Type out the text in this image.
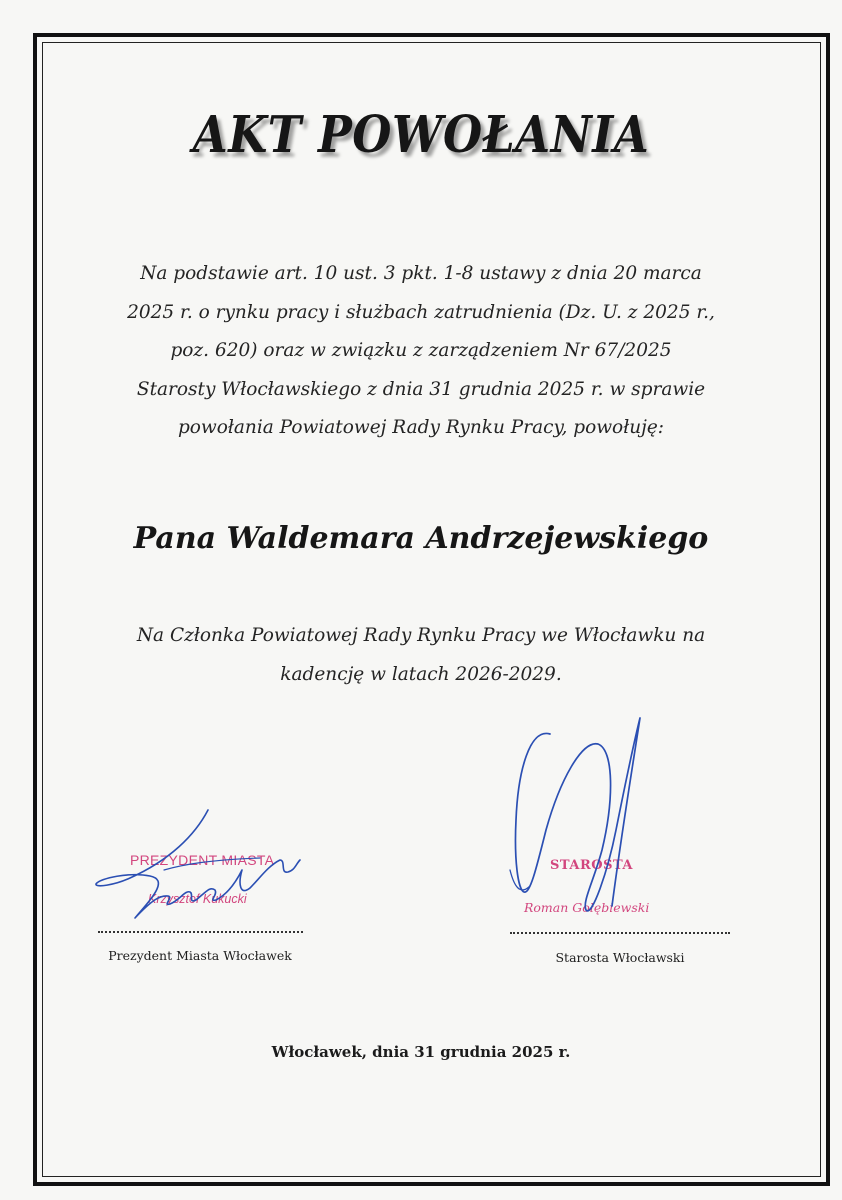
AKT POWOŁANIA
Na podstawie art. 10 ust. 3 pkt. 1-8 ustawy z dnia 20 marca
2025 r. o rynku pracy i służbach zatrudnienia (Dz. U. z 2025 r.,
poz. 620) oraz w związku z zarządzeniem Nr 67/2025
Starosty Włocławskiego z dnia 31 grudnia 2025 r. w sprawie
powołania Powiatowej Rady Rynku Pracy, powołuję:
Pana Waldemara Andrzejewskiego
Na Członka Powiatowej Rady Rynku Pracy we Włocławku na
kadencję w latach 2026-2029.
PREZYDENT MIASTA
Krzysztof Kukucki
Prezydent Miasta Włocławek
STAROSTA
Roman Gołębiewski
Starosta Włocławski
Włocławek, dnia 31 grudnia 2025 r.
